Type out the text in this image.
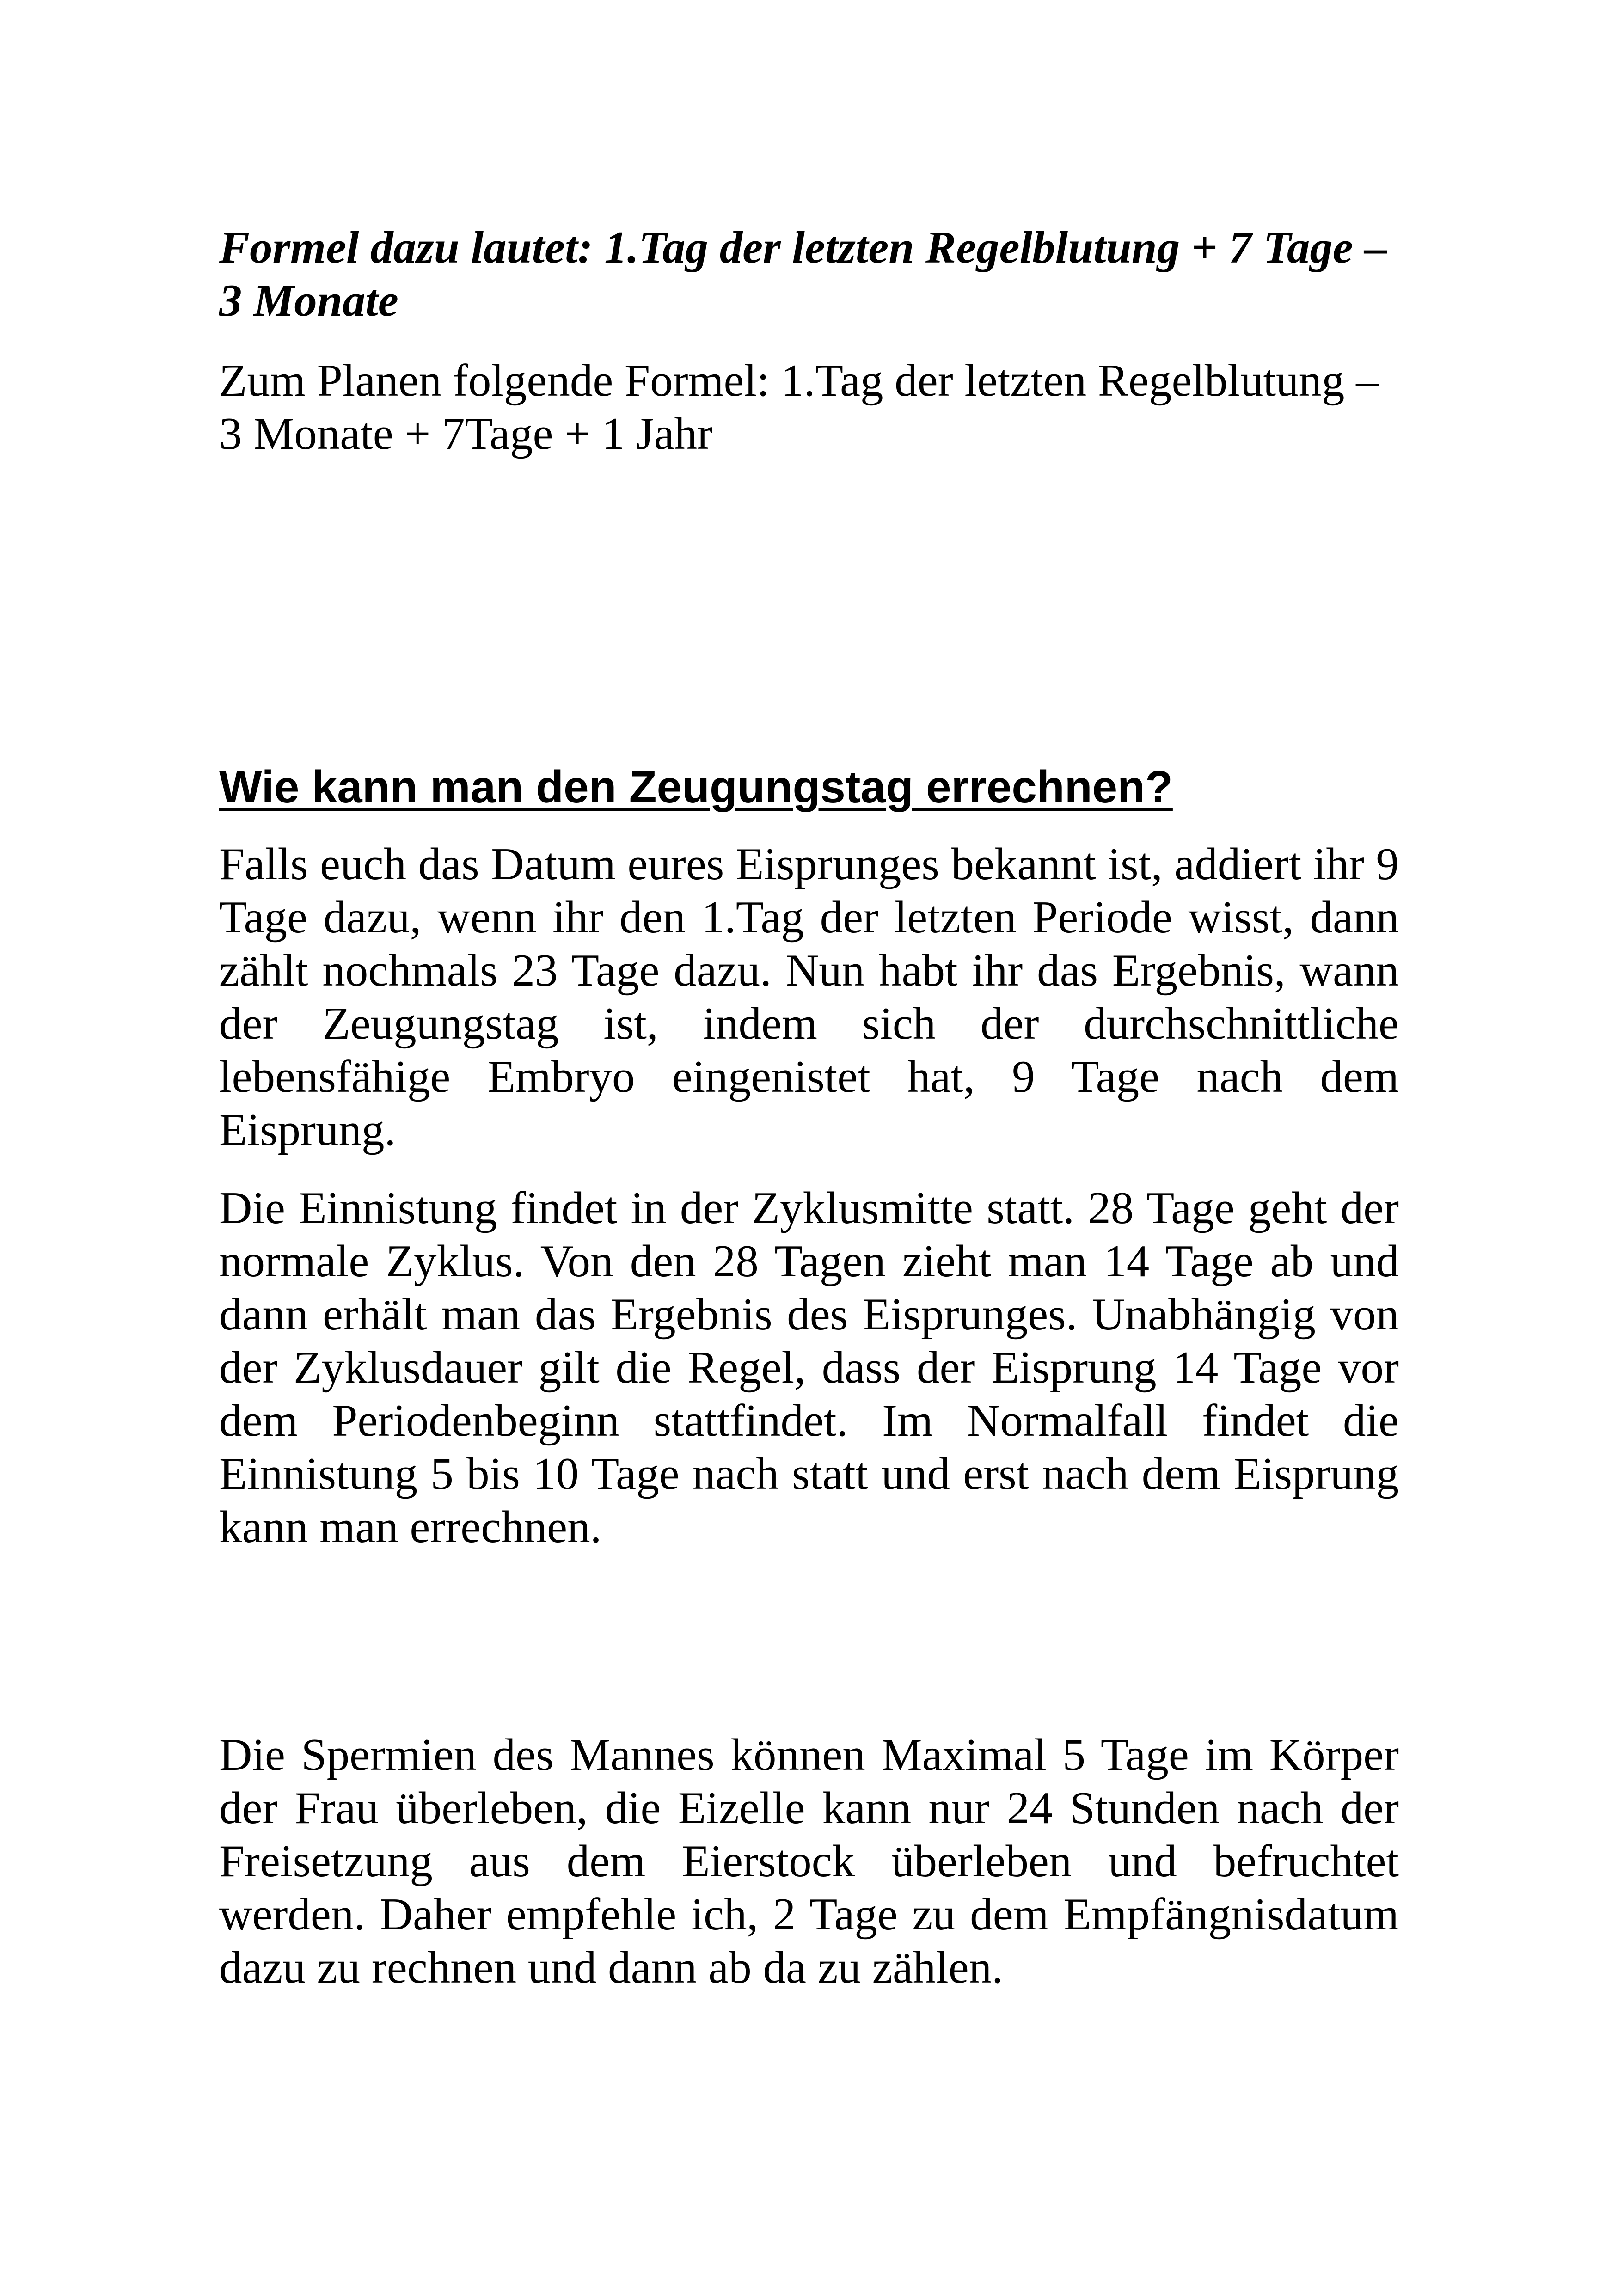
Formel dazu lautet: 1.Tag der letzten Regelblutung + 7 Tage – 3 Monate

Zum Planen folgende Formel: 1.Tag der letzten Regelblutung – 3 Monate + 7Tage + 1 Jahr

Wie kann man den Zeugungstag errechnen?

Falls euch das Datum eures Eisprunges bekannt ist, addiert ihr 9 Tage dazu, wenn ihr den 1.Tag der letzten Periode wisst, dann zählt nochmals 23 Tage dazu. Nun habt ihr das Ergebnis, wann der Zeugungstag ist, indem sich der durchschnittliche lebensfähige Embryo eingenistet hat, 9 Tage nach dem Eisprung.

Die Einnistung findet in der Zyklusmitte statt. 28 Tage geht der normale Zyklus. Von den 28 Tagen zieht man 14 Tage ab und dann erhält man das Ergebnis des Eisprunges. Unabhängig von der Zyklusdauer gilt die Regel, dass der Eisprung 14 Tage vor dem Periodenbeginn stattfindet. Im Normalfall findet die Einnistung 5 bis 10 Tage nach statt und erst nach dem Eisprung kann man errechnen.

Die Spermien des Mannes können Maximal 5 Tage im Körper der Frau überleben, die Eizelle kann nur 24 Stunden nach der Freisetzung aus dem Eierstock überleben und befruchtet werden. Daher empfehle ich, 2 Tage zu dem Empfängnisdatum dazu zu rechnen und dann ab da zu zählen.
